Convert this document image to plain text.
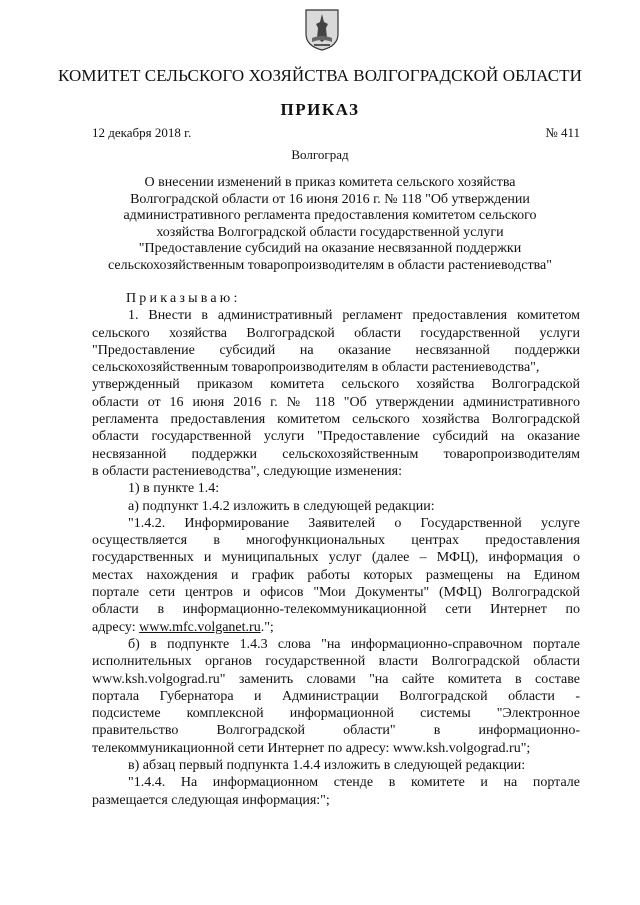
КОМИТЕТ СЕЛЬСКОГО ХОЗЯЙСТВА ВОЛГОГРАДСКОЙ ОБЛАСТИ
ПРИКАЗ
12 декабря 2018 г.	№ 411
Волгоград
О внесении изменений в приказ комитета сельского хозяйства
Волгоградской области от 16 июня 2016 г. № 118 "Об утверждении
административного регламента предоставления комитетом сельского
хозяйства Волгоградской области государственной услуги
"Предоставление субсидий на оказание несвязанной поддержки
сельскохозяйственным товаропроизводителям в области растениеводства"
Приказываю:
1. Внести в административный регламент предоставления комитетом
сельского хозяйства Волгоградской области государственной услуги
"Предоставление субсидий на оказание несвязанной поддержки
сельскохозяйственным товаропроизводителям в области растениеводства",
утвержденный приказом комитета сельского хозяйства Волгоградской
области от 16 июня 2016 г. № 118 "Об утверждении административного
регламента предоставления комитетом сельского хозяйства Волгоградской
области государственной услуги "Предоставление субсидий на оказание
несвязанной поддержки сельскохозяйственным товаропроизводителям
в области растениеводства", следующие изменения:
1) в пункте 1.4:
а) подпункт 1.4.2 изложить в следующей редакции:
"1.4.2. Информирование Заявителей о Государственной услуге
осуществляется в многофункциональных центрах предоставления
государственных и муниципальных услуг (далее – МФЦ), информация о
местах нахождения и график работы которых размещены на Едином
портале сети центров и офисов "Мои Документы" (МФЦ) Волгоградской
области в информационно-телекоммуникационной сети Интернет по
адресу: www.mfc.volganet.ru.";
б) в подпункте 1.4.3 слова "на информационно-справочном портале
исполнительных органов государственной власти Волгоградской области
www.ksh.volgograd.ru" заменить словами "на сайте комитета в составе
портала Губернатора и Администрации Волгоградской области -
подсистеме комплексной информационной системы "Электронное
правительство Волгоградской области" в информационно-
телекоммуникационной сети Интернет по адресу: www.ksh.volgograd.ru";
в) абзац первый подпункта 1.4.4 изложить в следующей редакции:
"1.4.4. На информационном стенде в комитете и на портале
размещается следующая информация:";
